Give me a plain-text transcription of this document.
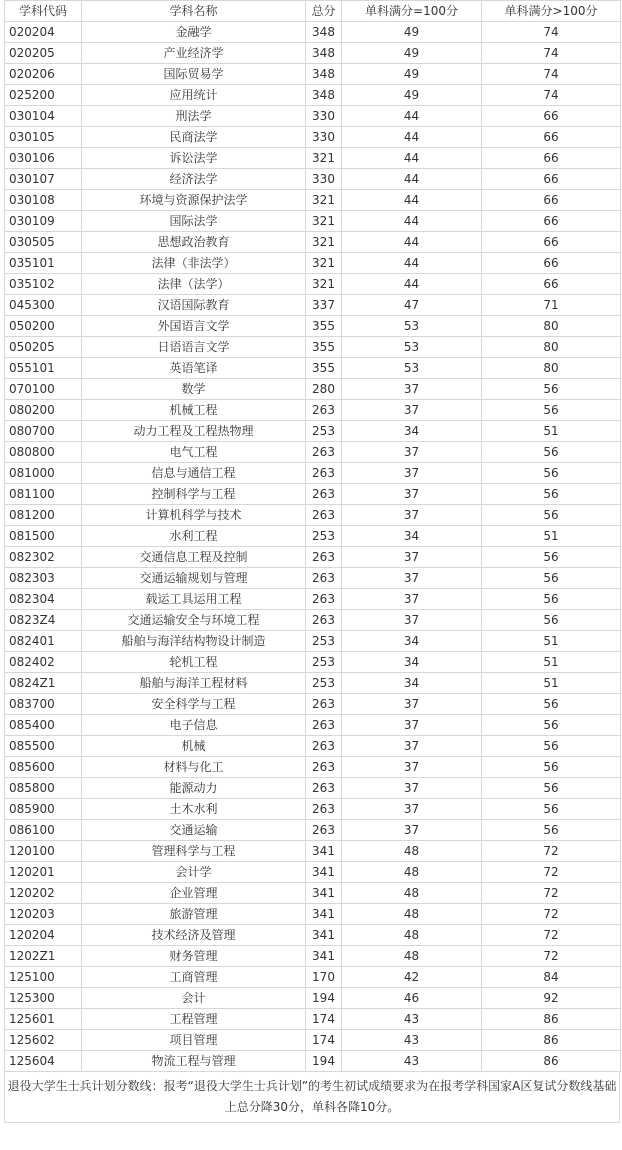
学科代码	学科名称	总分	单科满分=100分	单科满分>100分
020204	金融学	348	49	74
020205	产业经济学	348	49	74
020206	国际贸易学	348	49	74
025200	应用统计	348	49	74
030104	刑法学	330	44	66
030105	民商法学	330	44	66
030106	诉讼法学	321	44	66
030107	经济法学	330	44	66
030108	环境与资源保护法学	321	44	66
030109	国际法学	321	44	66
030505	思想政治教育	321	44	66
035101	法律（非法学）	321	44	66
035102	法律（法学）	321	44	66
045300	汉语国际教育	337	47	71
050200	外国语言文学	355	53	80
050205	日语语言文学	355	53	80
055101	英语笔译	355	53	80
070100	数学	280	37	56
080200	机械工程	263	37	56
080700	动力工程及工程热物理	253	34	51
080800	电气工程	263	37	56
081000	信息与通信工程	263	37	56
081100	控制科学与工程	263	37	56
081200	计算机科学与技术	263	37	56
081500	水利工程	253	34	51
082302	交通信息工程及控制	263	37	56
082303	交通运输规划与管理	263	37	56
082304	载运工具运用工程	263	37	56
0823Z4	交通运输安全与环境工程	263	37	56
082401	船舶与海洋结构物设计制造	253	34	51
082402	轮机工程	253	34	51
0824Z1	船舶与海洋工程材料	253	34	51
083700	安全科学与工程	263	37	56
085400	电子信息	263	37	56
085500	机械	263	37	56
085600	材料与化工	263	37	56
085800	能源动力	263	37	56
085900	土木水利	263	37	56
086100	交通运输	263	37	56
120100	管理科学与工程	341	48	72
120201	会计学	341	48	72
120202	企业管理	341	48	72
120203	旅游管理	341	48	72
120204	技术经济及管理	341	48	72
1202Z1	财务管理	341	48	72
125100	工商管理	170	42	84
125300	会计	194	46	92
125601	工程管理	174	43	86
125602	项目管理	174	43	86
125604	物流工程与管理	194	43	86
退役大学生士兵计划分数线：报考“退役大学生士兵计划”的考生初试成绩要求为在报考学科国家A区复试分数线基础
上总分降30分，单科各降10分。
